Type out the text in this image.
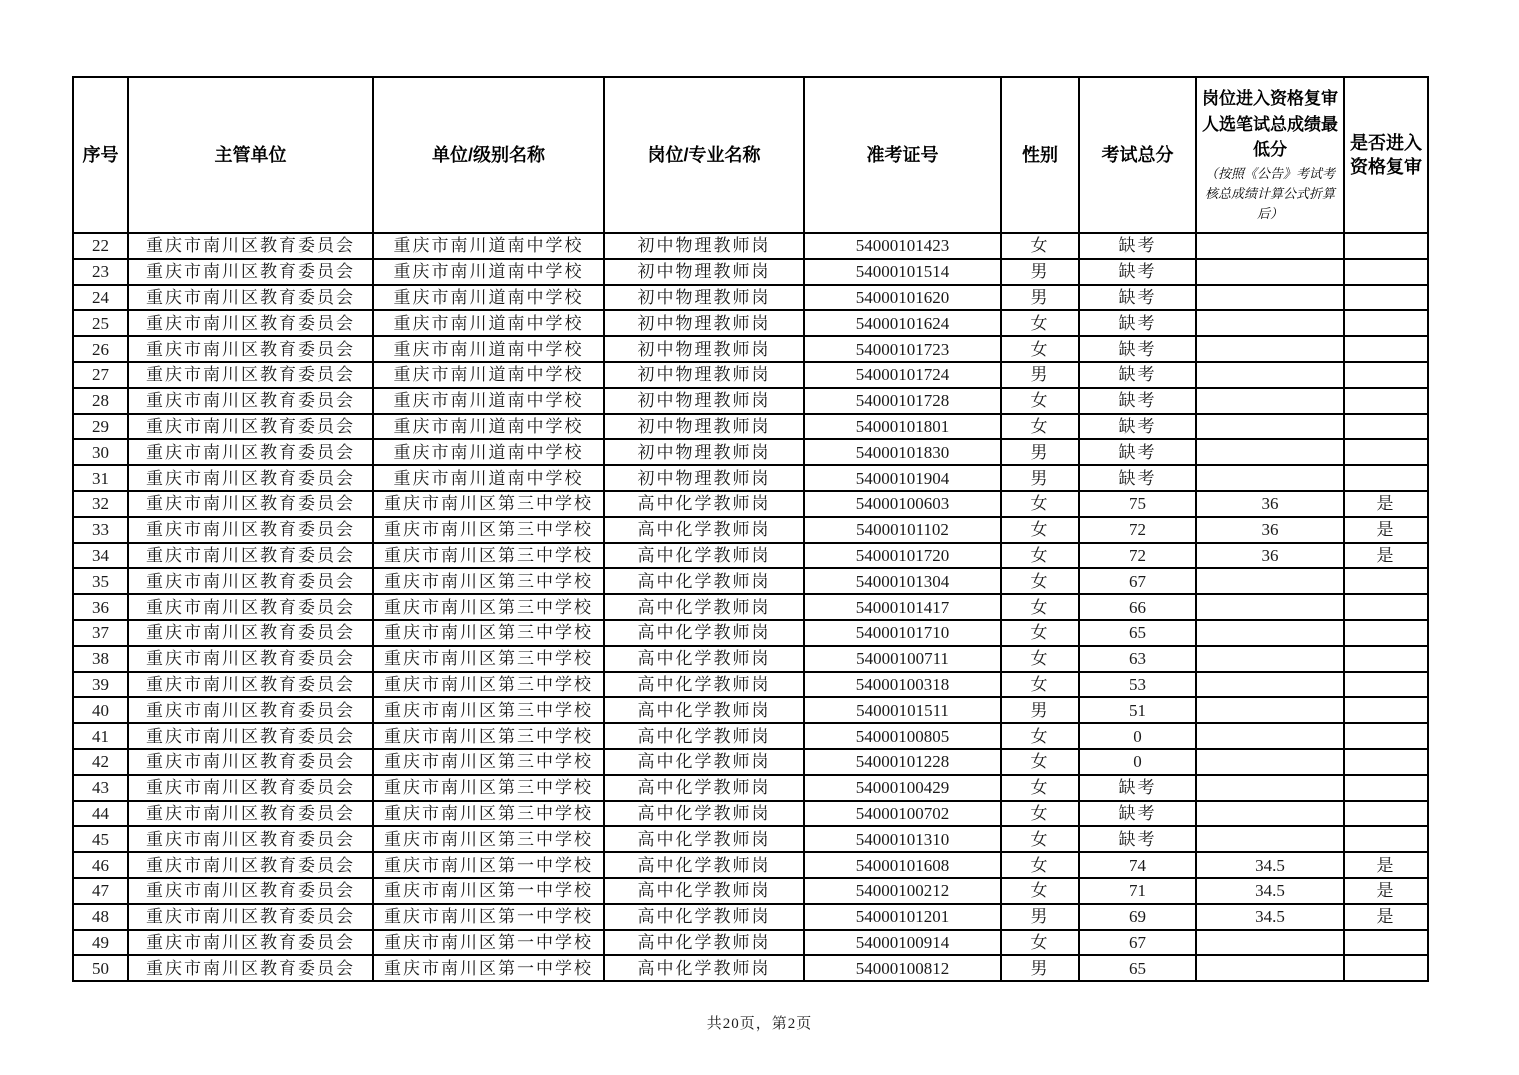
序号	主管单位	单位/级别名称	岗位/专业名称	准考证号	性别	考试总分	岗位进入资格复审人选笔试总成绩最低分
（按照《公告》考试考核总成绩计算公式折算后）	是否进入资格复审
22	重庆市南川区教育委员会	重庆市南川道南中学校	初中物理教师岗	54000101423	女	缺考		
23	重庆市南川区教育委员会	重庆市南川道南中学校	初中物理教师岗	54000101514	男	缺考		
24	重庆市南川区教育委员会	重庆市南川道南中学校	初中物理教师岗	54000101620	男	缺考		
25	重庆市南川区教育委员会	重庆市南川道南中学校	初中物理教师岗	54000101624	女	缺考		
26	重庆市南川区教育委员会	重庆市南川道南中学校	初中物理教师岗	54000101723	女	缺考		
27	重庆市南川区教育委员会	重庆市南川道南中学校	初中物理教师岗	54000101724	男	缺考		
28	重庆市南川区教育委员会	重庆市南川道南中学校	初中物理教师岗	54000101728	女	缺考		
29	重庆市南川区教育委员会	重庆市南川道南中学校	初中物理教师岗	54000101801	女	缺考		
30	重庆市南川区教育委员会	重庆市南川道南中学校	初中物理教师岗	54000101830	男	缺考		
31	重庆市南川区教育委员会	重庆市南川道南中学校	初中物理教师岗	54000101904	男	缺考		
32	重庆市南川区教育委员会	重庆市南川区第三中学校	高中化学教师岗	54000100603	女	75	36	是
33	重庆市南川区教育委员会	重庆市南川区第三中学校	高中化学教师岗	54000101102	女	72	36	是
34	重庆市南川区教育委员会	重庆市南川区第三中学校	高中化学教师岗	54000101720	女	72	36	是
35	重庆市南川区教育委员会	重庆市南川区第三中学校	高中化学教师岗	54000101304	女	67		
36	重庆市南川区教育委员会	重庆市南川区第三中学校	高中化学教师岗	54000101417	女	66		
37	重庆市南川区教育委员会	重庆市南川区第三中学校	高中化学教师岗	54000101710	女	65		
38	重庆市南川区教育委员会	重庆市南川区第三中学校	高中化学教师岗	54000100711	女	63		
39	重庆市南川区教育委员会	重庆市南川区第三中学校	高中化学教师岗	54000100318	女	53		
40	重庆市南川区教育委员会	重庆市南川区第三中学校	高中化学教师岗	54000101511	男	51		
41	重庆市南川区教育委员会	重庆市南川区第三中学校	高中化学教师岗	54000100805	女	0		
42	重庆市南川区教育委员会	重庆市南川区第三中学校	高中化学教师岗	54000101228	女	0		
43	重庆市南川区教育委员会	重庆市南川区第三中学校	高中化学教师岗	54000100429	女	缺考		
44	重庆市南川区教育委员会	重庆市南川区第三中学校	高中化学教师岗	54000100702	女	缺考		
45	重庆市南川区教育委员会	重庆市南川区第三中学校	高中化学教师岗	54000101310	女	缺考		
46	重庆市南川区教育委员会	重庆市南川区第一中学校	高中化学教师岗	54000101608	女	74	34.5	是
47	重庆市南川区教育委员会	重庆市南川区第一中学校	高中化学教师岗	54000100212	女	71	34.5	是
48	重庆市南川区教育委员会	重庆市南川区第一中学校	高中化学教师岗	54000101201	男	69	34.5	是
49	重庆市南川区教育委员会	重庆市南川区第一中学校	高中化学教师岗	54000100914	女	67		
50	重庆市南川区教育委员会	重庆市南川区第一中学校	高中化学教师岗	54000100812	男	65		
共20页，第2页
